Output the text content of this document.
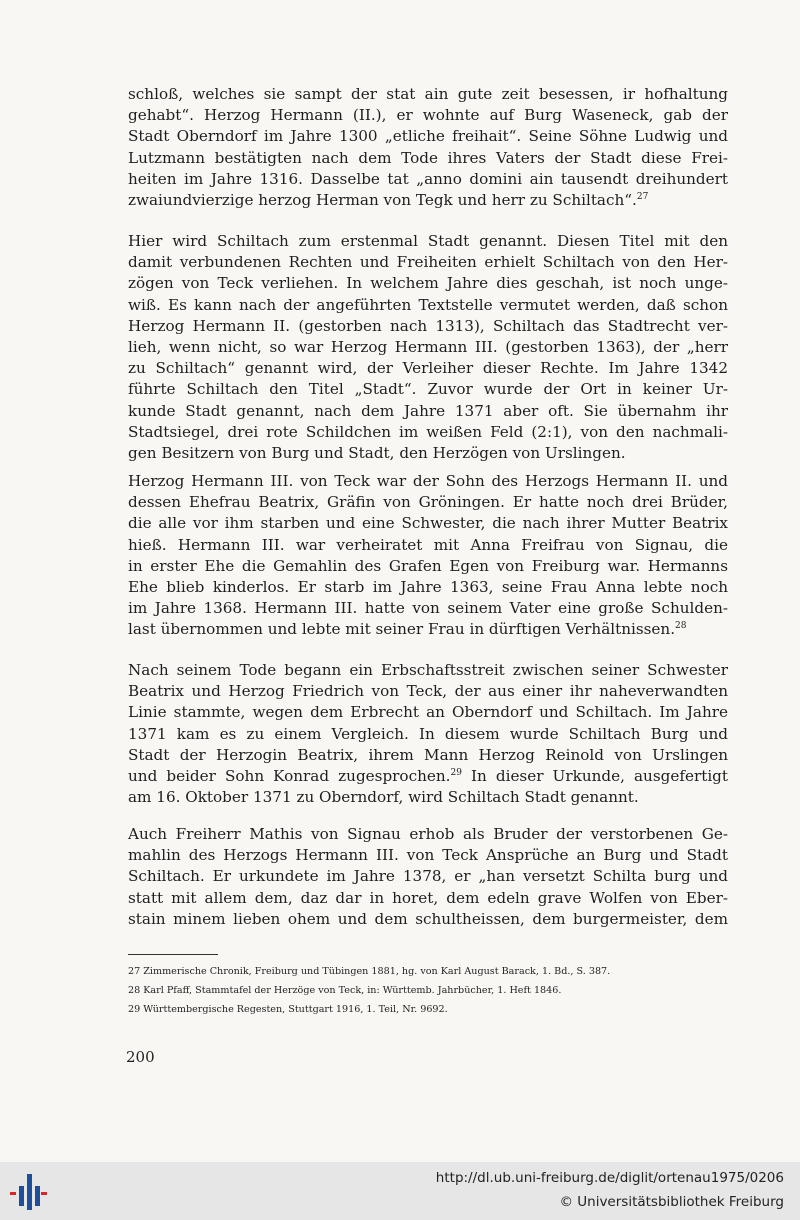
schloß, welches sie sampt der stat ain gute zeit besessen, ir hofhaltung
gehabt“. Herzog Hermann (II.), er wohnte auf Burg Waseneck, gab der
Stadt Oberndorf im Jahre 1300 „etliche freihait“. Seine Söhne Ludwig und
Lutzmann bestätigten nach dem Tode ihres Vaters der Stadt diese Frei-
heiten im Jahre 1316. Dasselbe tat „anno domini ain tausendt dreihundert
zwaiundvierzige herzog Herman von Tegk und herr zu Schiltach“.$^{27}$
Hier wird Schiltach zum erstenmal Stadt genannt. Diesen Titel mit den
damit verbundenen Rechten und Freiheiten erhielt Schiltach von den Her-
zögen von Teck verliehen. In welchem Jahre dies geschah, ist noch unge-
wiß. Es kann nach der angeführten Textstelle vermutet werden, daß schon
Herzog Hermann II. (gestorben nach 1313), Schiltach das Stadtrecht ver-
lieh, wenn nicht, so war Herzog Hermann III. (gestorben 1363), der „herr
zu Schiltach“ genannt wird, der Verleiher dieser Rechte. Im Jahre 1342
führte Schiltach den Titel „Stadt“. Zuvor wurde der Ort in keiner Ur-
kunde Stadt genannt, nach dem Jahre 1371 aber oft. Sie übernahm ihr
Stadtsiegel, drei rote Schildchen im weißen Feld (2:1), von den nachmali-
gen Besitzern von Burg und Stadt, den Herzögen von Urslingen.
Herzog Hermann III. von Teck war der Sohn des Herzogs Hermann II. und
dessen Ehefrau Beatrix, Gräfin von Gröningen. Er hatte noch drei Brüder,
die alle vor ihm starben und eine Schwester, die nach ihrer Mutter Beatrix
hieß. Hermann III. war verheiratet mit Anna Freifrau von Signau, die
in erster Ehe die Gemahlin des Grafen Egen von Freiburg war. Hermanns
Ehe blieb kinderlos. Er starb im Jahre 1363, seine Frau Anna lebte noch
im Jahre 1368. Hermann III. hatte von seinem Vater eine große Schulden-
last übernommen und lebte mit seiner Frau in dürftigen Verhältnissen.$^{28}$
Nach seinem Tode begann ein Erbschaftsstreit zwischen seiner Schwester
Beatrix und Herzog Friedrich von Teck, der aus einer ihr naheverwandten
Linie stammte, wegen dem Erbrecht an Oberndorf und Schiltach. Im Jahre
1371 kam es zu einem Vergleich. In diesem wurde Schiltach Burg und
Stadt der Herzogin Beatrix, ihrem Mann Herzog Reinold von Urslingen
und beider Sohn Konrad zugesprochen.$^{29}$ In dieser Urkunde, ausgefertigt
am 16. Oktober 1371 zu Oberndorf, wird Schiltach Stadt genannt.
Auch Freiherr Mathis von Signau erhob als Bruder der verstorbenen Ge-
mahlin des Herzogs Hermann III. von Teck Ansprüche an Burg und Stadt
Schiltach. Er urkundete im Jahre 1378, er „han versetzt Schilta burg und
statt mit allem dem, daz dar in horet, dem edeln grave Wolfen von Eber-
stain minem lieben ohem und dem schultheissen, dem burgermeister, dem
27 Zimmerische Chronik, Freiburg und Tübingen 1881, hg. von Karl August Barack, 1. Bd., S. 387.
28 Karl Pfaff, Stammtafel der Herzöge von Teck, in: Württemb. Jahrbücher, 1. Heft 1846.
29 Württembergische Regesten, Stuttgart 1916, 1. Teil, Nr. 9692.
200
http://dl.ub.uni-freiburg.de/diglit/ortenau1975/0206
© Universitätsbibliothek Freiburg
